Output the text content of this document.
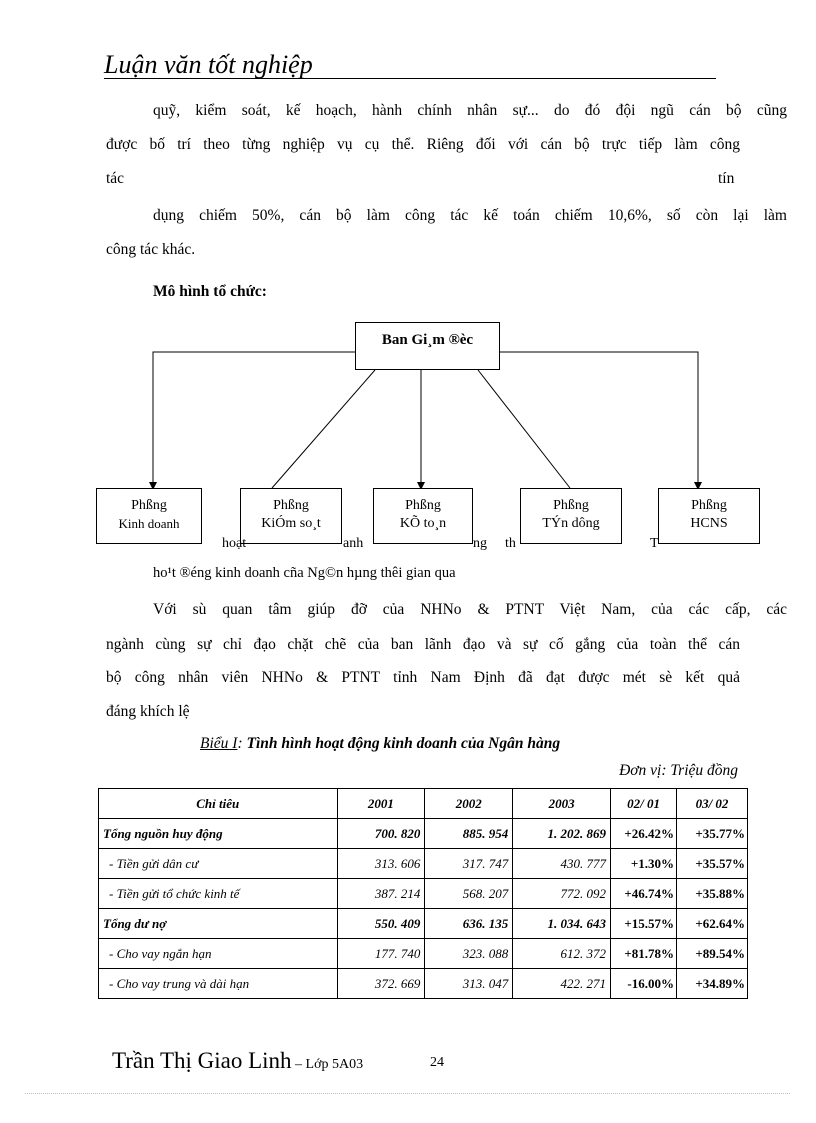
Luận văn tốt nghiệp
quỹ, kiểm soát, kế hoạch, hành chính nhân sự... do đó đội ngũ cán bộ cũng
được bố trí theo từng nghiệp vụ cụ thể. Riêng đối với cán bộ trực tiếp làm công
tác	tín
dụng chiếm 50%, cán bộ làm công tác kế toán chiếm 10,6%, số còn lại làm
công tác khác.
Mô hình tổ chức:
Ban Gi¸m ®èc
Phßng
Kinh doanh
Phßng
KiÓm so¸t
Phßng
KÕ to¸n
Phßng
TÝn dông
Phßng
HCNS
hoạt	anh	ng th	T
ho¹t ®éng kinh doanh cña Ng©n hµng thêi gian qua
Với sù quan tâm giúp đỡ của NHNo & PTNT Việt Nam, của các cấp, các
ngành cùng sự chỉ đạo chặt chẽ của ban lãnh đạo và sự cố gắng của toàn thể cán
bộ công nhân viên NHNo & PTNT tỉnh Nam Định đã đạt được mét sè kết quả
đáng khích lệ
Biểu I: Tình hình hoạt động kinh doanh của Ngân hàng
Đơn vị: Triệu đồng
Chỉ tiêu	2001	2002	2003	02/ 01	03/ 02
Tổng nguồn huy động	700. 820	885. 954	1. 202. 869	+26.42%	+35.77%
- Tiền gửi dân cư	313. 606	317. 747	430. 777	+1.30%	+35.57%
- Tiền gửi tổ chức kinh tế	387. 214	568. 207	772. 092	+46.74%	+35.88%
Tổng dư nợ	550. 409	636. 135	1. 034. 643	+15.57%	+62.64%
- Cho vay ngắn hạn	177. 740	323. 088	612. 372	+81.78%	+89.54%
- Cho vay trung và dài hạn	372. 669	313. 047	422. 271	-16.00%	+34.89%
Trần Thị Giao Linh – Lớp 5A03	24
